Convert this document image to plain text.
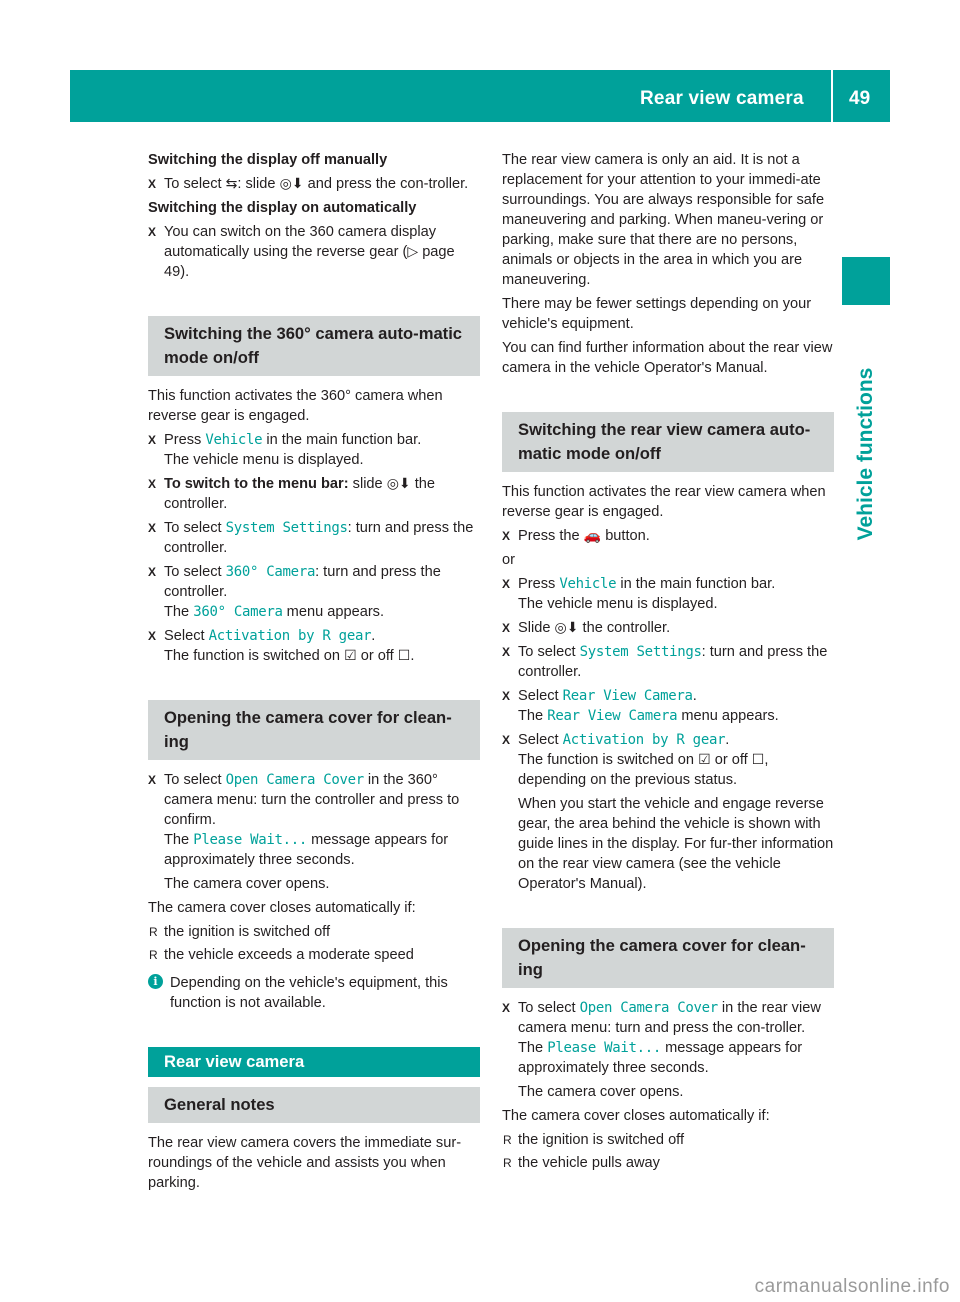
Rear view camera 49
Vehicle functions
Switching the display off manually
X To select ⇆: slide ◎⬇ and press the con-troller.
Switching the display on automatically
X You can switch on the 360 camera display automatically using the reverse gear (▷ page 49).
Switching the 360° camera auto-matic mode on/off
This function activates the 360° camera when reverse gear is engaged.
X Press Vehicle in the main function bar.
The vehicle menu is displayed.
X To switch to the menu bar: slide ◎⬇ the controller.
X To select System Settings: turn and press the controller.
X To select 360° Camera: turn and press the controller.
The 360° Camera menu appears.
X Select Activation by R gear.
The function is switched on ☑ or off ☐.
Opening the camera cover for clean-ing
X To select Open Camera Cover in the 360° camera menu: turn the controller and press to confirm.
The Please Wait... message appears for approximately three seconds.
The camera cover opens.
The camera cover closes automatically if:
R the ignition is switched off
R the vehicle exceeds a moderate speed
i Depending on the vehicle's equipment, this function is not available.
Rear view camera
General notes
The rear view camera covers the immediate sur-roundings of the vehicle and assists you when parking.
The rear view camera is only an aid. It is not a replacement for your attention to your immedi-ate surroundings. You are always responsible for safe maneuvering and parking. When maneu-vering or parking, make sure that there are no persons, animals or objects in the area in which you are maneuvering.
There may be fewer settings depending on your vehicle's equipment.
You can find further information about the rear view camera in the vehicle Operator's Manual.
Switching the rear view camera auto-matic mode on/off
This function activates the rear view camera when reverse gear is engaged.
X Press the 🚗 button.
or
X Press Vehicle in the main function bar.
The vehicle menu is displayed.
X Slide ◎⬇ the controller.
X To select System Settings: turn and press the controller.
X Select Rear View Camera.
The Rear View Camera menu appears.
X Select Activation by R gear.
The function is switched on ☑ or off ☐, depending on the previous status.
When you start the vehicle and engage reverse gear, the area behind the vehicle is shown with guide lines in the display. For fur-ther information on the rear view camera (see the vehicle Operator's Manual).
Opening the camera cover for clean-ing
X To select Open Camera Cover in the rear view camera menu: turn and press the con-troller.
The Please Wait... message appears for approximately three seconds.
The camera cover opens.
The camera cover closes automatically if:
R the ignition is switched off
R the vehicle pulls away
carmanualsonline.info
